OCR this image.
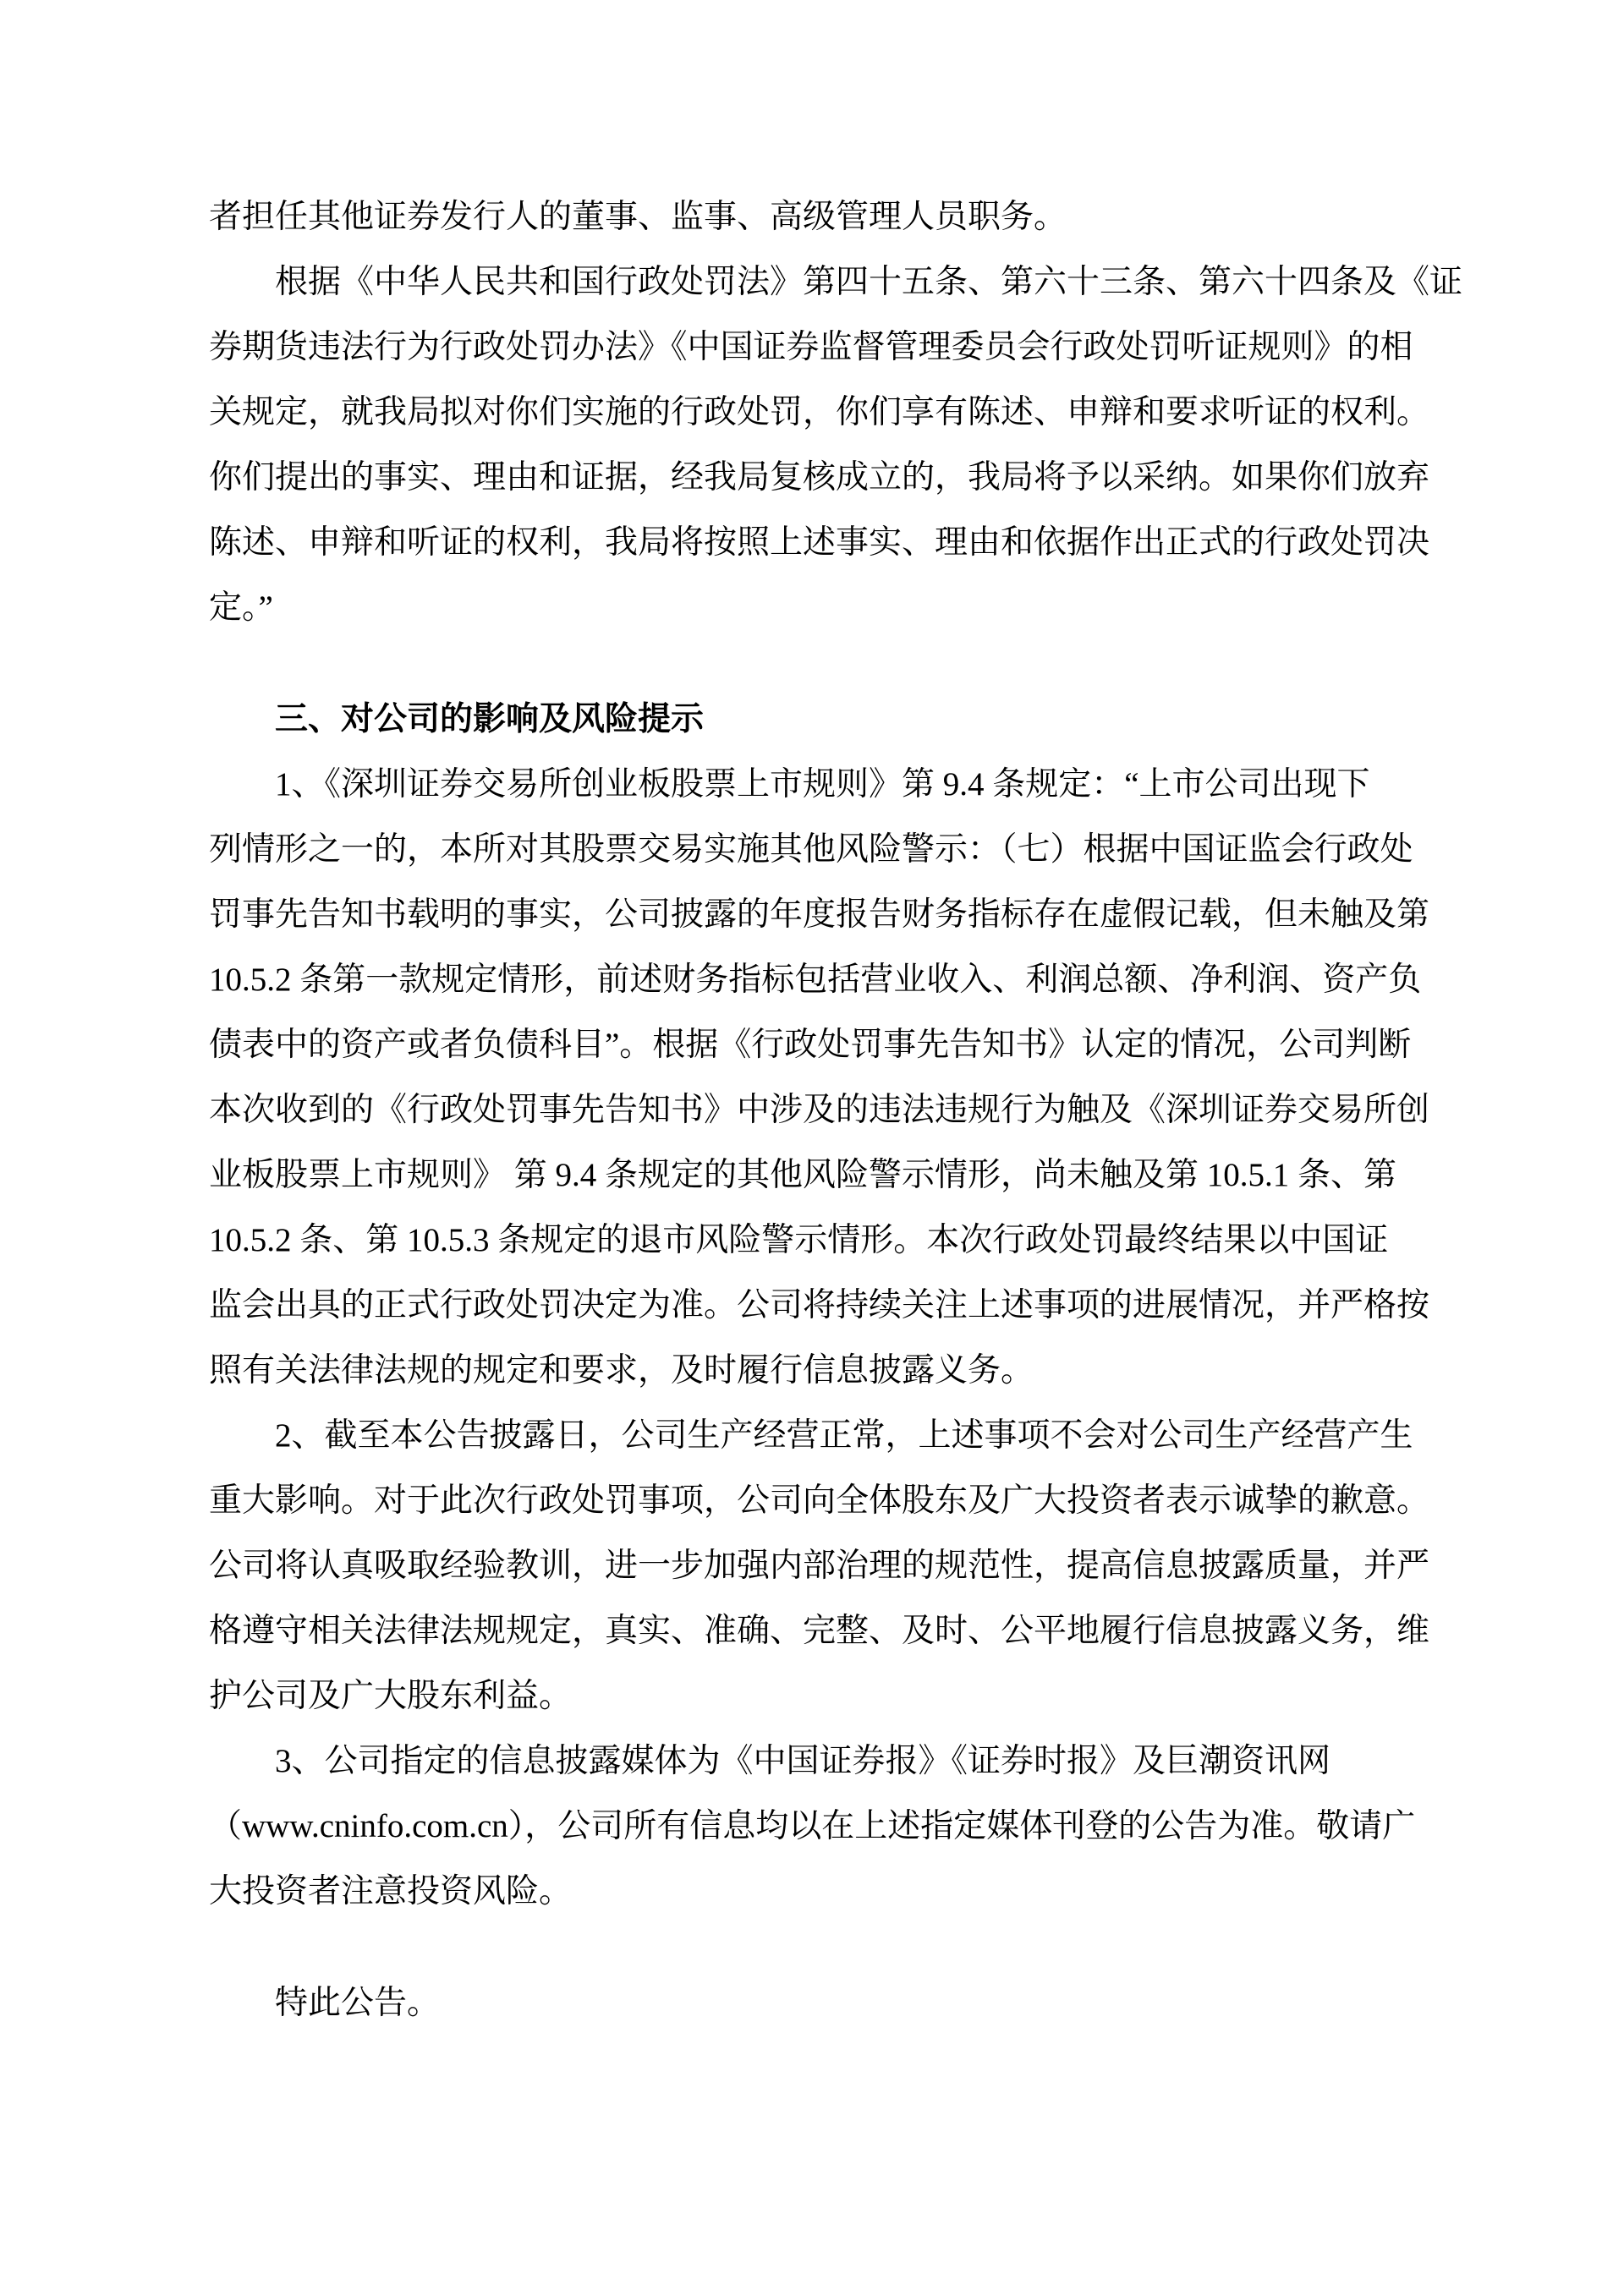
者担任其他证券发行人的董事、监事、高级管理人员职务。
根据《中华人民共和国行政处罚法》第四十五条、第六十三条、第六十四条及《证
券期货违法行为行政处罚办法》《中国证券监督管理委员会行政处罚听证规则》的相
关规定，就我局拟对你们实施的行政处罚，你们享有陈述、申辩和要求听证的权利。
你们提出的事实、理由和证据，经我局复核成立的，我局将予以采纳。如果你们放弃
陈述、申辩和听证的权利，我局将按照上述事实、理由和依据作出正式的行政处罚决
定。”
三、对公司的影响及风险提示
1、《深圳证券交易所创业板股票上市规则》第 9.4 条规定：“上市公司出现下
列情形之一的，本所对其股票交易实施其他风险警示：（七）根据中国证监会行政处
罚事先告知书载明的事实，公司披露的年度报告财务指标存在虚假记载，但未触及第
10.5.2 条第一款规定情形，前述财务指标包括营业收入、利润总额、净利润、资产负
债表中的资产或者负债科目”。根据《行政处罚事先告知书》认定的情况，公司判断
本次收到的《行政处罚事先告知书》中涉及的违法违规行为触及《深圳证券交易所创
业板股票上市规则》 第 9.4 条规定的其他风险警示情形，尚未触及第 10.5.1 条、第
10.5.2 条、第 10.5.3 条规定的退市风险警示情形。本次行政处罚最终结果以中国证
监会出具的正式行政处罚决定为准。公司将持续关注上述事项的进展情况，并严格按
照有关法律法规的规定和要求，及时履行信息披露义务。
2、截至本公告披露日，公司生产经营正常，上述事项不会对公司生产经营产生
重大影响。对于此次行政处罚事项，公司向全体股东及广大投资者表示诚挚的歉意。
公司将认真吸取经验教训，进一步加强内部治理的规范性，提高信息披露质量，并严
格遵守相关法律法规规定，真实、准确、完整、及时、公平地履行信息披露义务，维
护公司及广大股东利益。
3、公司指定的信息披露媒体为《中国证券报》《证券时报》及巨潮资讯网
（www.cninfo.com.cn），公司所有信息均以在上述指定媒体刊登的公告为准。敬请广
大投资者注意投资风险。
特此公告。
